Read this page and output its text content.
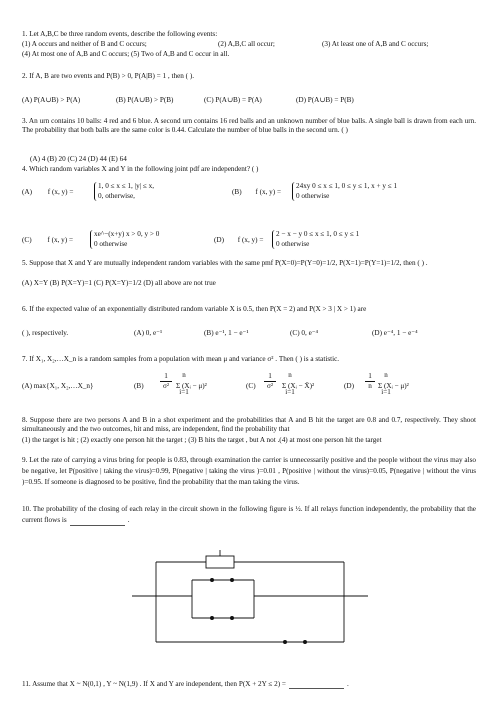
1. Let A,B,C be three random events, describe the following events:
(1) A occurs and neither of B and C occurs;	(2) A,B,C all occur;	(3) At least one of A,B and C occurs;
(4) At most one of A,B and C occurs; (5) Two of A,B and C occur in all.
2. If A, B are two events and P(B) > 0, P(A|B) = 1 , then ( ).
(A) P(A∪B) > P(A)	(B) P(A∪B) > P(B)	(C) P(A∪B) = P(A)	(D) P(A∪B) = P(B)
3. An urn contains 10 balls: 4 red and 6 blue. A second urn contains 16 red balls and an unknown number of blue balls. A single ball is drawn from each urn. The probability that both balls are the same color is 0.44. Calculate the number of blue balls in the second urn. ( )
(A) 4 (B) 20 (C) 24 (D) 44 (E) 64
4. Which random variables X and Y in the following joint pdf are independent? ( )
(A) f (x, y) =
1, 0 ≤ x ≤ 1, |y| ≤ x,
0, otherwise,	(B) f (x, y) =
24xy 0 ≤ x ≤ 1, 0 ≤ y ≤ 1, x + y ≤ 1
0 otherwise
(C) f (x, y) =
xe^−(x+y) x > 0, y > 0
0 otherwise	(D) f (x, y) =
2 − x − y 0 ≤ x ≤ 1, 0 ≤ y ≤ 1
0 otherwise
5. Suppose that X and Y are mutually independent random variables with the same pmf P(X=0)=P(Y=0)=1/2, P(X=1)=P(Y=1)=1/2, then ( ) .
(A) X=Y (B) P(X=Y)=1 (C) P(X=Y)=1/2 (D) all above are not true
6. If the expected value of an exponentially distributed random variable X is 0.5, then P(X = 2) and P(X > 3 | X > 1) are
( ), respectively.	(A) 0, e⁻¹	(B) e⁻¹, 1 − e⁻¹	(C) 0, e⁻⁴	(D) e⁻⁴, 1 − e⁻⁴
7. If X₁, X₂,…X_n is a random samples from a population with mean μ and variance σ² . Then ( ) is a statistic.
(A) max{X₁, X₂,…X_n}	$(B) \frac{1}{\text{σ²}}$	n
i=1
Σ (Xᵢ − μ)²	$(C) \frac{1}{\text{σ²}}$	n
i=1
Σ (Xᵢ − X̄)²	$(D) \frac{1}{n}$	n
i=1
Σ (Xᵢ − μ)²
8. Suppose there are two persons A and B in a shot experiment and the probabilities that A and B hit the target are 0.8 and 0.7, respectively. They shoot simultaneously and the two outcomes, hit and miss, are independent, find the probability that
(1) the target is hit ; (2) exactly one person hit the target ; (3) B hits the target , but A not .(4) at most one person hit the target
9. Let the rate of carrying a virus bring for people is 0.83, through examination the carrier is unnecessarily positive and the people without the virus may also be negative, let P(positive | taking the virus)=0.99, P(negative | taking the virus )=0.01 , P(positive | without the virus)=0.05, P(negative | without the virus )=0.95. If someone is diagnosed to be positive, find the probability that the man taking the virus.
10. The probability of the closing of each relay in the circuit shown in the following figure is ½. If all relays function independently, the probability that the current flows is	.
11. Assume that X ~ N(0,1) , Y ~ N(1,9) . If X and Y are independent, then P(X + 2Y ≤ 2) =	.
